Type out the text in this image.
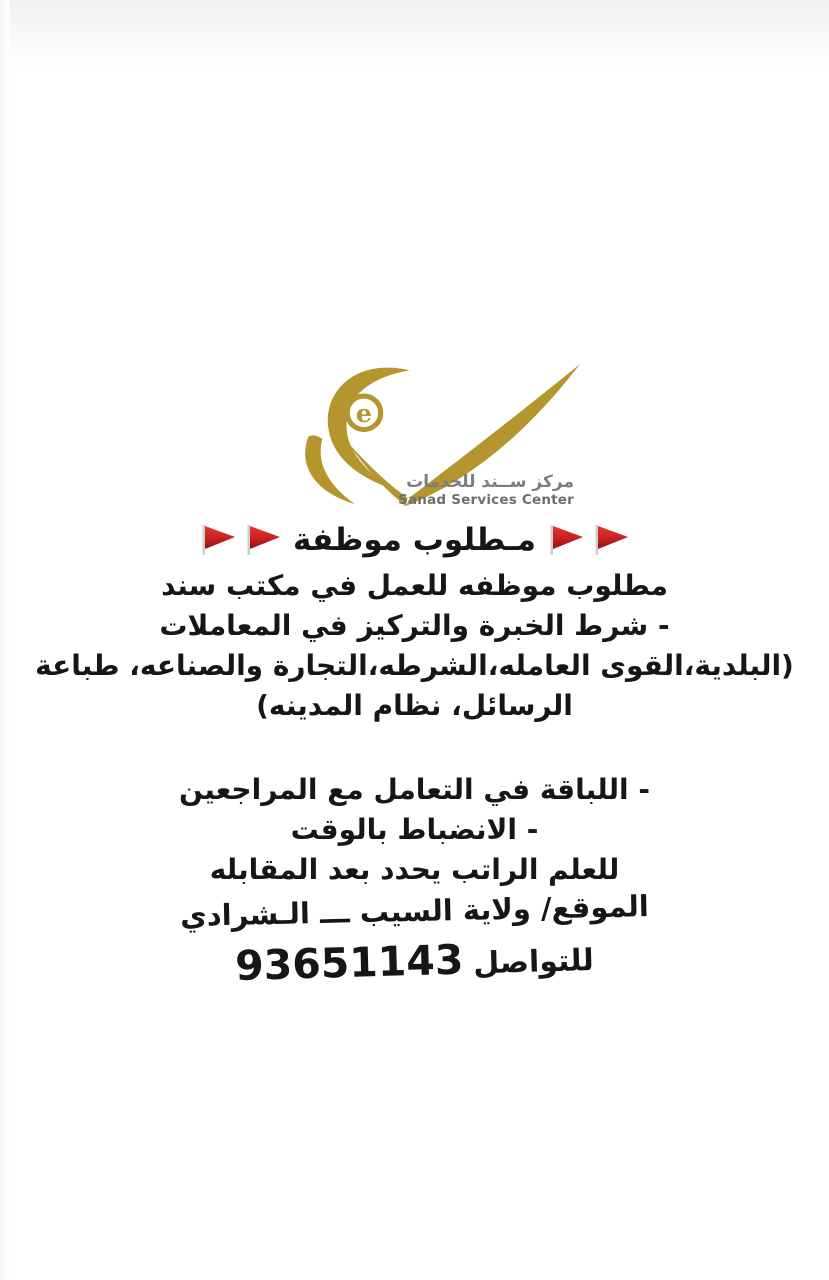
e
مركز ســند للخدمات
Sanad Services Center
مـطلوب موظفة
مطلوب موظفه للعمل في مكتب سند
- شرط الخبرة والتركيز في المعاملات
(البلدية،القوى العامله،الشرطه،التجارة والصناعه، طباعة
الرسائل، نظام المدينه)
- اللباقة في التعامل مع المراجعين
- الانضباط بالوقت
للعلم الراتب يحدد بعد المقابله
الموقع/ ولاية السيب ـــ الـشرادي
للتواصل 93651143
